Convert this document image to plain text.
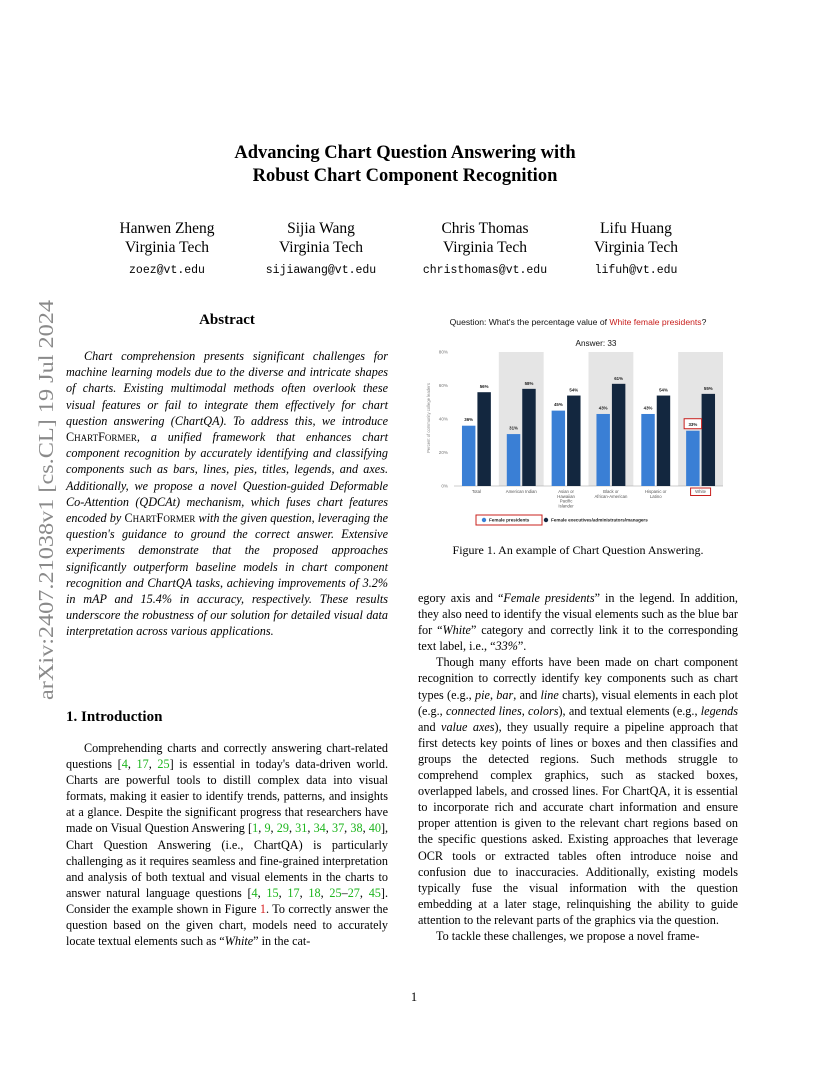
arXiv:2407.21038v1 [cs.CL] 19 Jul 2024
Advancing Chart Question Answering with
Robust Chart Component Recognition
Hanwen Zheng
Virginia Tech
zoez@vt.edu
Sijia Wang
Virginia Tech
sijiawang@vt.edu
Chris Thomas
Virginia Tech
christhomas@vt.edu
Lifu Huang
Virginia Tech
lifuh@vt.edu
Abstract
Chart comprehension presents significant challenges for machine learning models due to the diverse and intricate shapes of charts. Existing multimodal methods often overlook these visual features or fail to integrate them effectively for chart question answering (ChartQA). To address this, we introduce ChartFormer, a unified framework that enhances chart component recognition by accurately identifying and classifying components such as bars, lines, pies, titles, legends, and axes. Additionally, we propose a novel Question-guided Deformable Co-Attention (QDCAt) mechanism, which fuses chart features encoded by ChartFormer with the given question, leveraging the question's guidance to ground the correct answer. Extensive experiments demonstrate that the proposed approaches significantly outperform baseline models in chart component recognition and ChartQA tasks, achieving improvements of 3.2% in mAP and 15.4% in accuracy, respectively. These results underscore the robustness of our solution for detailed visual data interpretation across various applications.
1. Introduction
Comprehending charts and correctly answering chart-related questions [4, 17, 25] is essential in today's data-driven world. Charts are powerful tools to distill complex data into visual formats, making it easier to identify trends, patterns, and insights at a glance. Despite the significant progress that researchers have made on Visual Question Answering [1, 9, 29, 31, 34, 37, 38, 40], Chart Question Answering (i.e., ChartQA) is particularly challenging as it requires seamless and fine-grained interpretation and analysis of both textual and visual elements in the charts to answer natural language questions [4, 15, 17, 18, 25–27, 45]. Consider the example shown in Figure 1. To correctly answer the question based on the given chart, models need to accurately locate textual elements such as “White” in the cat-
Question: What's the percentage value of White female presidents?
Answer: 33
0%
20%
40%
60%
80%
36%
56%
31%
58%
45%
54%
43%
61%
43%
54%
33%
55%
Total	American Indian	Asian or Hawaiian Pacific Islander
Black or African-American
Hispanic or Latino
White
Percent of community college leaders
Female presidents	Female executives/administrators/managers
Figure 1. An example of Chart Question Answering.

egory axis and “Female presidents” in the legend. In addition, they also need to identify the visual elements such as the blue bar for “White” category and correctly link it to the corresponding text label, i.e., “33%”.

Though many efforts have been made on chart component recognition to correctly identify key components such as chart types (e.g., pie, bar, and line charts), visual elements in each plot (e.g., connected lines, colors), and textual elements (e.g., legends and value axes), they usually require a pipeline approach that first detects key points of lines or boxes and then classifies and groups the detected regions. Such methods struggle to comprehend complex graphics, such as stacked boxes, overlapped labels, and crossed lines. For ChartQA, it is essential to incorporate rich and accurate chart information and ensure proper attention is given to the relevant chart regions based on the specific questions asked. Existing approaches that leverage OCR tools or extracted tables often introduce noise and confusion due to inaccuracies. Additionally, existing models typically fuse the visual information with the question embedding at a later stage, relinquishing the ability to guide attention to the relevant parts of the graphics via the question.

To tackle these challenges, we propose a novel frame-

1
